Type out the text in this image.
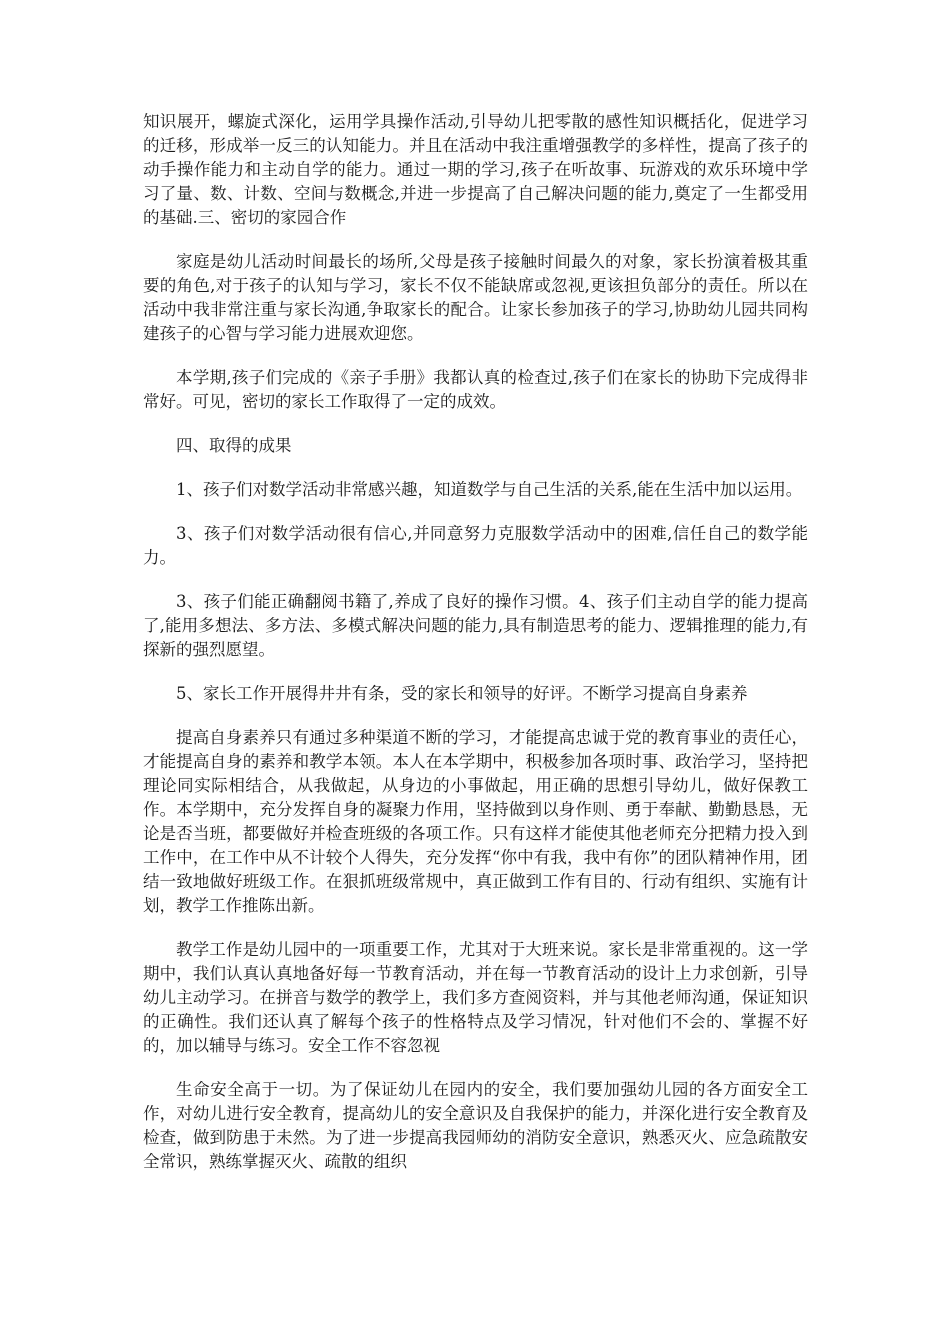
知识展开，螺旋式深化，运用学具操作活动,引导幼儿把零散的感性知识概括化，促进学习的迁移，形成举一反三的认知能力。并且在活动中我注重增强教学的多样性，提高了孩子的动手操作能力和主动自学的能力。通过一期的学习,孩子在听故事、玩游戏的欢乐环境中学习了量、数、计数、空间与数概念,并进一步提高了自己解决问题的能力,奠定了一生都受用的基础.三、密切的家园合作

家庭是幼儿活动时间最长的场所,父母是孩子接触时间最久的对象，家长扮演着极其重要的角色,对于孩子的认知与学习，家长不仅不能缺席或忽视,更该担负部分的责任。所以在活动中我非常注重与家长沟通,争取家长的配合。让家长参加孩子的学习,协助幼儿园共同构建孩子的心智与学习能力进展欢迎您。

本学期,孩子们完成的《亲子手册》我都认真的检查过,孩子们在家长的协助下完成得非常好。可见，密切的家长工作取得了一定的成效。

四、取得的成果

1、孩子们对数学活动非常感兴趣，知道数学与自己生活的关系,能在生活中加以运用。

3、孩子们对数学活动很有信心,并同意努力克服数学活动中的困难,信任自己的数学能力。

3、孩子们能正确翻阅书籍了,养成了良好的操作习惯。4、孩子们主动自学的能力提高了,能用多想法、多方法、多模式解决问题的能力,具有制造思考的能力、逻辑推理的能力,有探新的强烈愿望。

5、家长工作开展得井井有条，受的家长和领导的好评。不断学习提高自身素养

提高自身素养只有通过多种渠道不断的学习，才能提高忠诚于党的教育事业的责任心，才能提高自身的素养和教学本领。本人在本学期中，积极参加各项时事、政治学习，坚持把理论同实际相结合，从我做起，从身边的小事做起，用正确的思想引导幼儿，做好保教工作。本学期中，充分发挥自身的凝聚力作用，坚持做到以身作则、勇于奉献、勤勤恳恳，无论是否当班，都要做好并检查班级的各项工作。只有这样才能使其他老师充分把精力投入到工作中，在工作中从不计较个人得失，充分发挥“你中有我，我中有你”的团队精神作用，团结一致地做好班级工作。在狠抓班级常规中，真正做到工作有目的、行动有组织、实施有计划，教学工作推陈出新。

教学工作是幼儿园中的一项重要工作，尤其对于大班来说。家长是非常重视的。这一学期中，我们认真认真地备好每一节教育活动，并在每一节教育活动的设计上力求创新，引导幼儿主动学习。在拼音与数学的教学上，我们多方查阅资料，并与其他老师沟通，保证知识的正确性。我们还认真了解每个孩子的性格特点及学习情况，针对他们不会的、掌握不好的，加以辅导与练习。安全工作不容忽视

生命安全高于一切。为了保证幼儿在园内的安全，我们要加强幼儿园的各方面安全工作，对幼儿进行安全教育，提高幼儿的安全意识及自我保护的能力，并深化进行安全教育及检查，做到防患于未然。为了进一步提高我园师幼的消防安全意识，熟悉灭火、应急疏散安全常识，熟练掌握灭火、疏散的组织
